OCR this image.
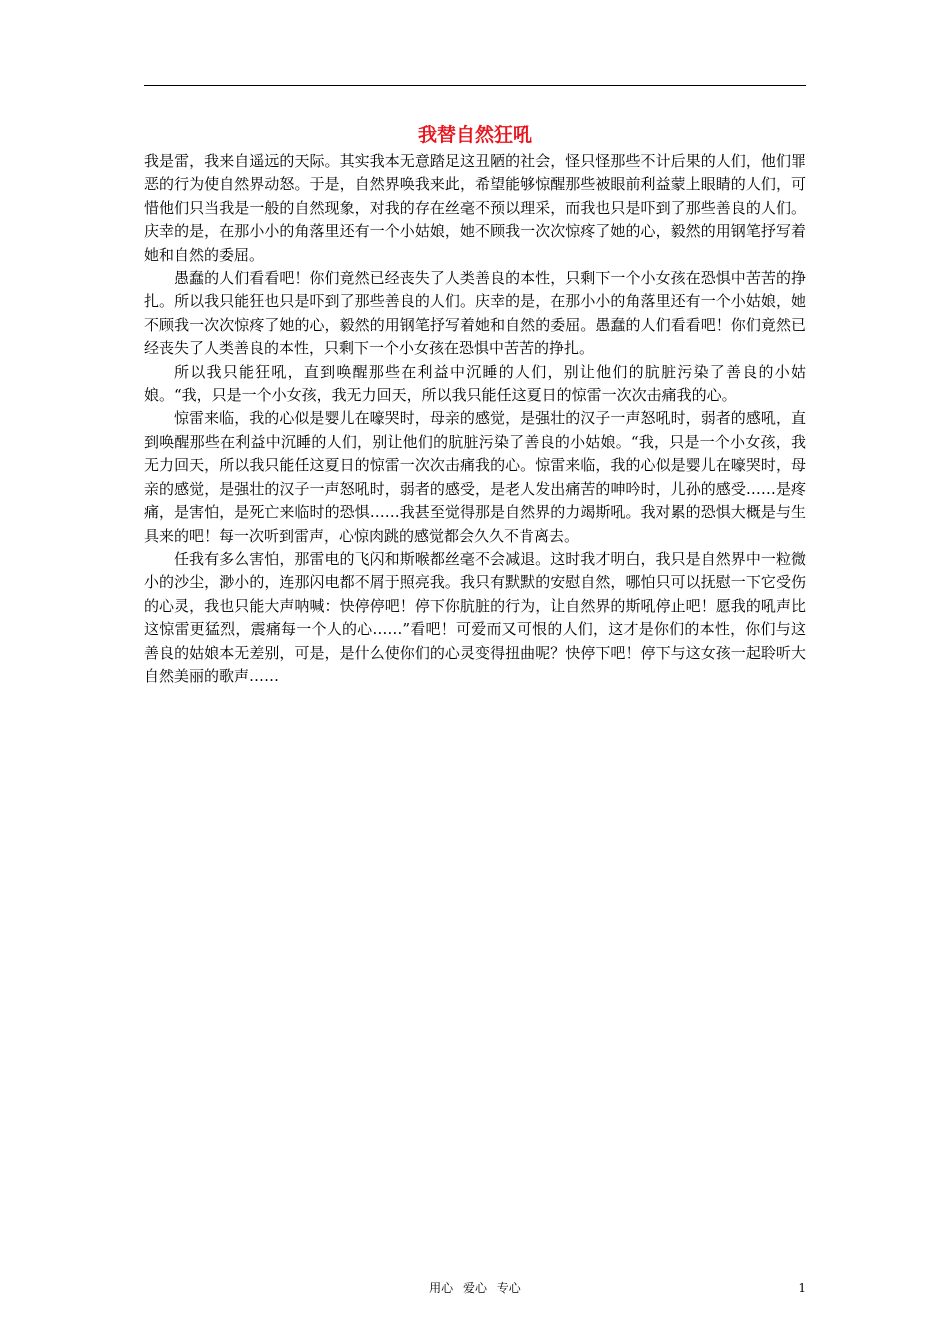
我替自然狂吼

我是雷，我来自遥远的天际。其实我本无意踏足这丑陋的社会，怪只怪那些不计后果的人们，他们罪恶的行为使自然界动怒。于是，自然界唤我来此，希望能够惊醒那些被眼前利益蒙上眼睛的人们，可惜他们只当我是一般的自然现象，对我的存在丝毫不预以理采，而我也只是吓到了那些善良的人们。庆幸的是，在那小小的角落里还有一个小姑娘，她不顾我一次次惊疼了她的心，毅然的用钢笔抒写着她和自然的委屈。

愚蠢的人们看看吧！你们竟然已经丧失了人类善良的本性，只剩下一个小女孩在恐惧中苦苦的挣扎。所以我只能狂也只是吓到了那些善良的人们。庆幸的是，在那小小的角落里还有一个小姑娘，她不顾我一次次惊疼了她的心，毅然的用钢笔抒写着她和自然的委屈。愚蠢的人们看看吧！你们竟然已经丧失了人类善良的本性，只剩下一个小女孩在恐惧中苦苦的挣扎。

所以我只能狂吼，直到唤醒那些在利益中沉睡的人们，别让他们的肮脏污染了善良的小姑娘。“我，只是一个小女孩，我无力回天，所以我只能任这夏日的惊雷一次次击痛我的心。

惊雷来临，我的心似是婴儿在嚎哭时，母亲的感觉，是强壮的汉子一声怒吼时，弱者的感吼，直到唤醒那些在利益中沉睡的人们，别让他们的肮脏污染了善良的小姑娘。“我，只是一个小女孩，我无力回天，所以我只能任这夏日的惊雷一次次击痛我的心。惊雷来临，我的心似是婴儿在嚎哭时，母亲的感觉，是强壮的汉子一声怒吼时，弱者的感受，是老人发出痛苦的呻吟时，儿孙的感受……是疼痛，是害怕，是死亡来临时的恐惧……我甚至觉得那是自然界的力竭斯吼。我对累的恐惧大概是与生具来的吧！每一次听到雷声，心惊肉跳的感觉都会久久不肯离去。

任我有多么害怕，那雷电的飞闪和斯喉都丝毫不会减退。这时我才明白，我只是自然界中一粒微小的沙尘，渺小的，连那闪电都不屑于照亮我。我只有默默的安慰自然，哪怕只可以抚慰一下它受伤的心灵，我也只能大声呐喊：快停停吧！停下你肮脏的行为，让自然界的斯吼停止吧！愿我的吼声比这惊雷更猛烈，震痛每一个人的心……”看吧！可爱而又可恨的人们，这才是你们的本性，你们与这善良的姑娘本无差别，可是，是什么使你们的心灵变得扭曲呢？快停下吧！停下与这女孩一起聆听大自然美丽的歌声……

用心 爱心 专心	1
